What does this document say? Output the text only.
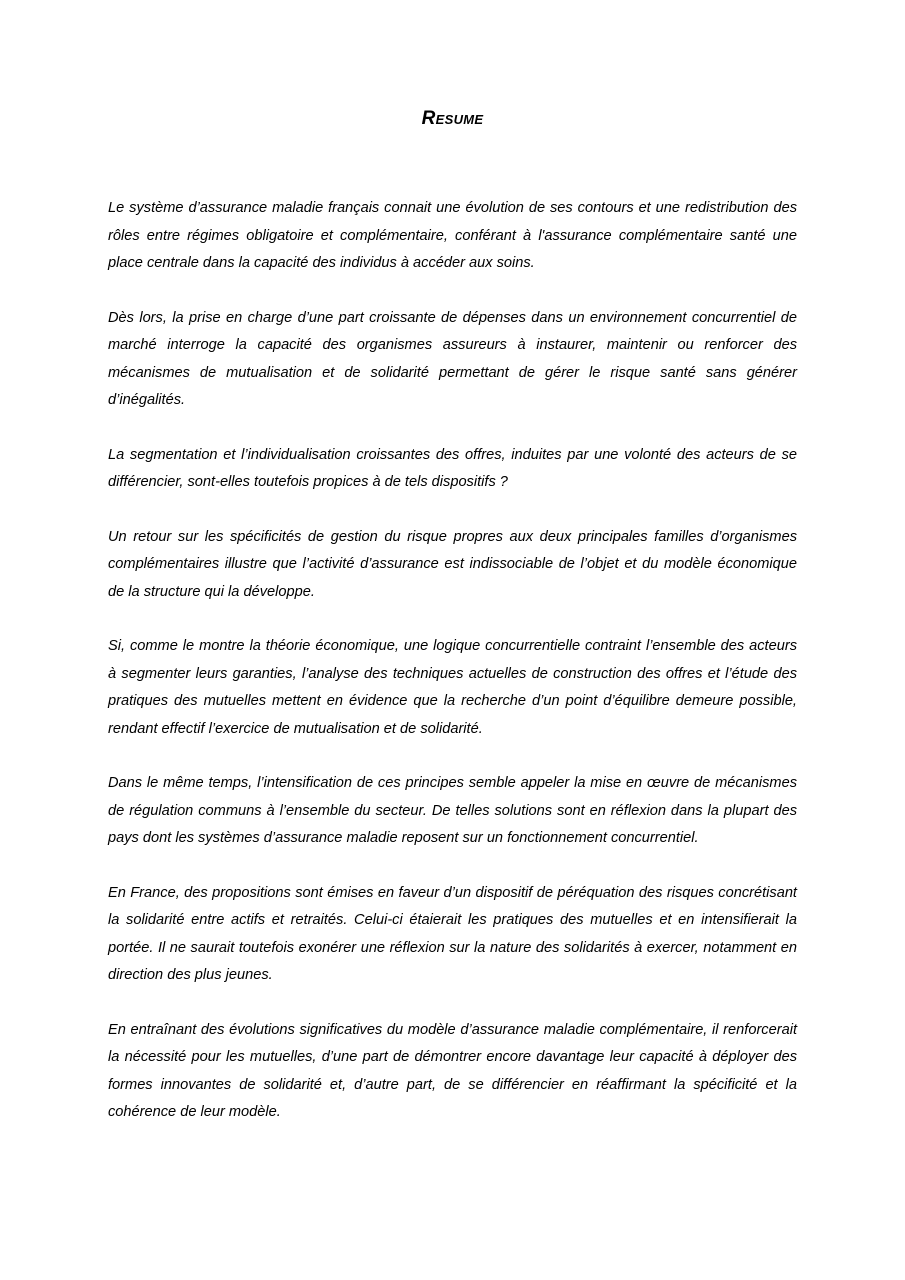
Resume

Le système d’assurance maladie français connait une évolution de ses contours et une redistribution des rôles entre régimes obligatoire et complémentaire, conférant à l'assurance complémentaire santé une place centrale dans la capacité des individus à accéder aux soins.

Dès lors, la prise en charge d’une part croissante de dépenses dans un environnement concurrentiel de marché interroge la capacité des organismes assureurs à instaurer, maintenir ou renforcer des mécanismes de mutualisation et de solidarité permettant de gérer le risque santé sans générer d’inégalités.

La segmentation et l’individualisation croissantes des offres, induites par une volonté des acteurs de se différencier, sont-elles toutefois propices à de tels dispositifs ?

Un retour sur les spécificités de gestion du risque propres aux deux principales familles d’organismes complémentaires illustre que l’activité d’assurance est indissociable de l’objet et du modèle économique de la structure qui la développe.

Si, comme le montre la théorie économique, une logique concurrentielle contraint l’ensemble des acteurs à segmenter leurs garanties, l’analyse des techniques actuelles de construction des offres et l’étude des pratiques des mutuelles mettent en évidence que la recherche d’un point d’équilibre demeure possible, rendant effectif l’exercice de mutualisation et de solidarité.

Dans le même temps, l’intensification de ces principes semble appeler la mise en œuvre de mécanismes de régulation communs à l’ensemble du secteur. De telles solutions sont en réflexion dans la plupart des pays dont les systèmes d’assurance maladie reposent sur un fonctionnement concurrentiel.

En France, des propositions sont émises en faveur d’un dispositif de péréquation des risques concrétisant la solidarité entre actifs et retraités. Celui-ci étaierait les pratiques des mutuelles et en intensifierait la portée. Il ne saurait toutefois exonérer une réflexion sur la nature des solidarités à exercer, notamment en direction des plus jeunes.

En entraînant des évolutions significatives du modèle d’assurance maladie complémentaire, il renforcerait la nécessité pour les mutuelles, d’une part de démontrer encore davantage leur capacité à déployer des formes innovantes de solidarité et, d’autre part, de se différencier en réaffirmant la spécificité et la cohérence de leur modèle.
